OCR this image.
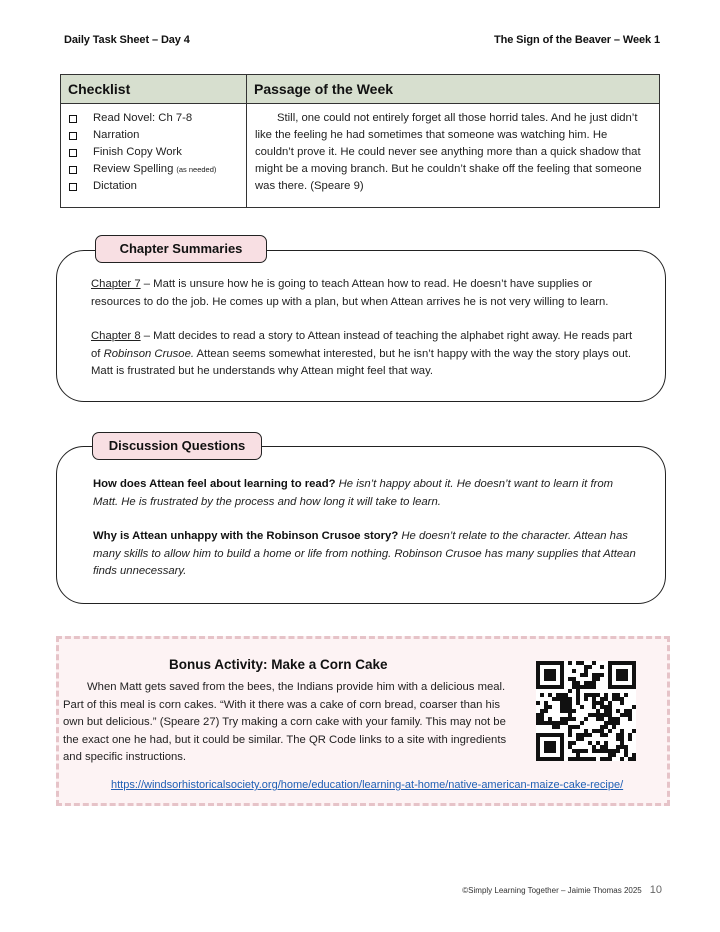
Daily Task Sheet – Day 4	The Sign of the Beaver – Week 1
Checklist	Passage of the Week
Read Novel: Ch 7-8
Narration
Finish Copy Work
Review Spelling (as needed)
Dictation

Still, one could not entirely forget all those horrid tales. And he just didn’t like the feeling he had sometimes that someone was watching him. He couldn’t prove it. He could never see anything more than a quick shadow that might be a moving branch. But he couldn’t shake off the feeling that someone was there. (Speare 9)

Chapter Summaries

Chapter 7 – Matt is unsure how he is going to teach Attean how to read. He doesn’t have supplies or resources to do the job. He comes up with a plan, but when Attean arrives he is not very willing to learn.

Chapter 8 – Matt decides to read a story to Attean instead of teaching the alphabet right away. He reads part of Robinson Crusoe. Attean seems somewhat interested, but he isn’t happy with the way the story plays out. Matt is frustrated but he understands why Attean might feel that way.

Discussion Questions

How does Attean feel about learning to read? He isn’t happy about it. He doesn’t want to learn it from Matt. He is frustrated by the process and how long it will take to learn.

Why is Attean unhappy with the Robinson Crusoe story? He doesn’t relate to the character. Attean has many skills to allow him to build a home or life from nothing. Robinson Crusoe has many supplies that Attean finds unnecessary.

Bonus Activity: Make a Corn Cake

When Matt gets saved from the bees, the Indians provide him with a delicious meal. Part of this meal is corn cakes. “With it there was a cake of corn bread, coarser than his own but delicious.” (Speare 27) Try making a corn cake with your family. This may not be the exact one he had, but it could be similar. The QR Code links to a site with ingredients and specific instructions.

https://windsorhistoricalsociety.org/home/education/learning-at-home/native-american-maize-cake-recipe/
©Simply Learning Together – Jaimie Thomas 2025 10
